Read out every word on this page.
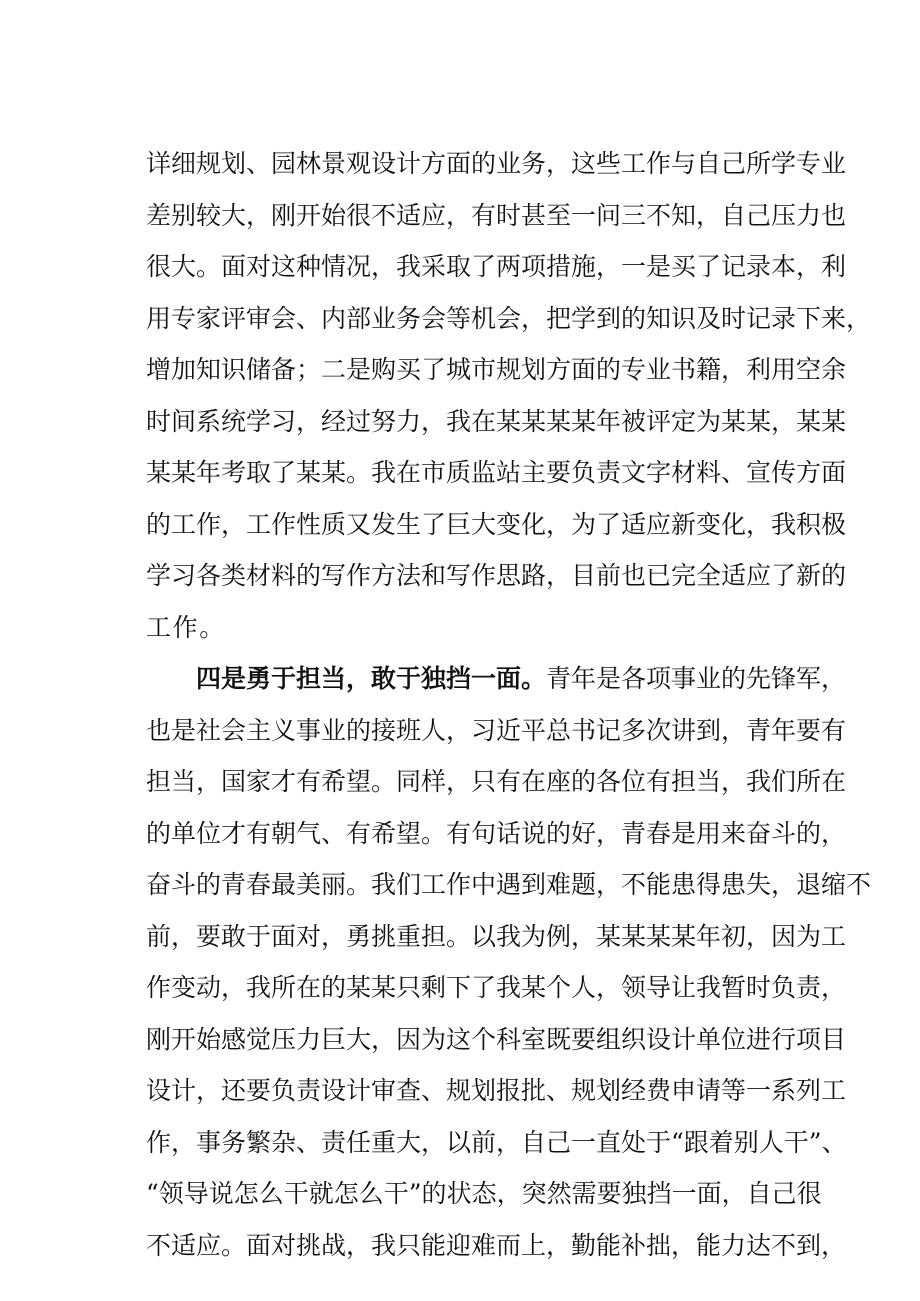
详细规划、园林景观设计方面的业务，这些工作与自己所学专业
差别较大，刚开始很不适应，有时甚至一问三不知，自己压力也
很大。面对这种情况，我采取了两项措施，一是买了记录本，利
用专家评审会、内部业务会等机会，把学到的知识及时记录下来，
增加知识储备；二是购买了城市规划方面的专业书籍，利用空余
时间系统学习，经过努力，我在某某某某年被评定为某某，某某
某某年考取了某某。我在市质监站主要负责文字材料、宣传方面
的工作，工作性质又发生了巨大变化，为了适应新变化，我积极
学习各类材料的写作方法和写作思路，目前也已完全适应了新的
工作。
四是勇于担当，敢于独挡一面。青年是各项事业的先锋军，
也是社会主义事业的接班人，习近平总书记多次讲到，青年要有
担当，国家才有希望。同样，只有在座的各位有担当，我们所在
的单位才有朝气、有希望。有句话说的好，青春是用来奋斗的，
奋斗的青春最美丽。我们工作中遇到难题，不能患得患失，退缩不
前，要敢于面对，勇挑重担。以我为例，某某某某年初，因为工
作变动，我所在的某某只剩下了我某个人，领导让我暂时负责，
刚开始感觉压力巨大，因为这个科室既要组织设计单位进行项目
设计，还要负责设计审查、规划报批、规划经费申请等一系列工
作，事务繁杂、责任重大，以前，自己一直处于“跟着别人干”、
“领导说怎么干就怎么干”的状态，突然需要独挡一面，自己很
不适应。面对挑战，我只能迎难而上，勤能补拙，能力达不到，
